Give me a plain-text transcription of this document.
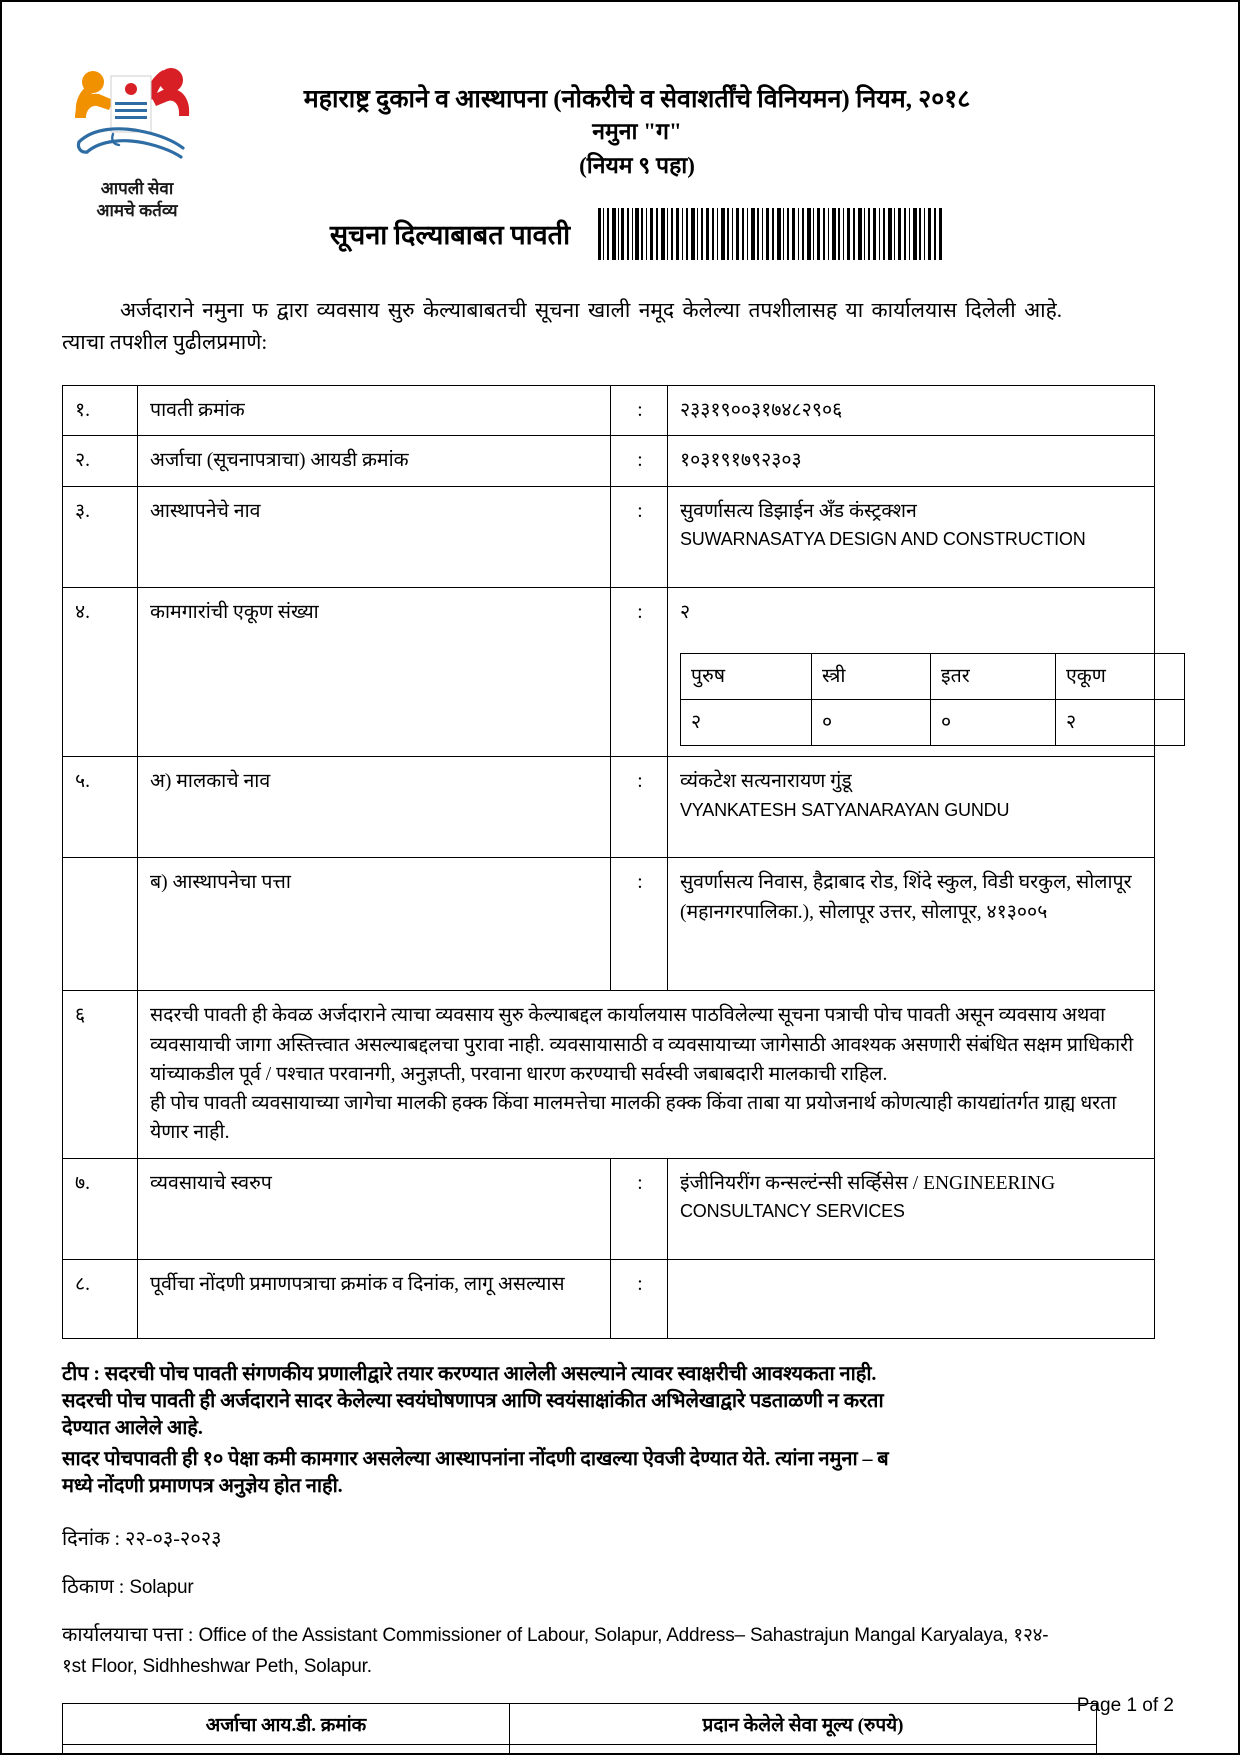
आपली सेवा
आमचे कर्तव्य
महाराष्ट्र दुकाने व आस्थापना (नोकरीचे व सेवाशर्तींचे विनियमन) नियम, २०१८
नमुना "ग"
(नियम ९ पहा)
सूचना दिल्याबाबत पावती
अर्जदाराने नमुना फ द्वारा व्यवसाय सुरु केल्याबाबतची सूचना खाली नमूद केलेल्या तपशीलासह या कार्यालयास दिलेली आहे. त्याचा तपशील पुढीलप्रमाणे:
१.	पावती क्रमांक	:	२३३१९००३१७४८२९०६
२.	अर्जाचा (सूचनापत्राचा) आयडी क्रमांक	:	१०३१९१७९२३०३
३.	आस्थापनेचे नाव	:	सुवर्णासत्य डिझाईन अँड कंस्ट्रक्शन
SUWARNASATYA DESIGN AND CONSTRUCTION

४.	कामगारांची एकूण संख्या	:	२
पुरुष	स्त्री	इतर	एकूण
२	०	०	२

५.	अ) मालकाचे नाव	:	व्यंकटेश सत्यनारायण गुंडू
VYANKATESH SATYANARAYAN GUNDU

	ब) आस्थापनेचा पत्ता	:	सुवर्णासत्य निवास, हैद्राबाद रोड, शिंदे स्कुल, विडी घरकुल, सोलापूर (महानगरपालिका.), सोलापूर उत्तर, सोलापूर, ४१३००५
६	सदरची पावती ही केवळ अर्जदाराने त्याचा व्यवसाय सुरु केल्याबद्दल कार्यालयास पाठविलेल्या सूचना पत्राची पोच पावती असून व्यवसाय अथवा व्यवसायाची जागा अस्तित्त्वात असल्याबद्दलचा पुरावा नाही. व्यवसायासाठी व व्यवसायाच्या जागेसाठी आवश्यक असणारी संबंधित सक्षम प्राधिकारी यांच्याकडील पूर्व / पश्चात परवानगी, अनुज्ञप्ती, परवाना धारण करण्याची सर्वस्वी जबाबदारी मालकाची राहिल.

ही पोच पावती व्यवसायाच्या जागेचा मालकी हक्क किंवा मालमत्तेचा मालकी हक्क किंवा ताबा या प्रयोजनार्थ कोणत्याही कायद्यांतर्गत ग्राह्य धरता येणार नाही.

७.	व्यवसायाचे स्वरुप	:	इंजीनियरींग कन्सल्टंन्सी सर्व्हिसेस / ENGINEERING
CONSULTANCY SERVICES

८.	पूर्वीचा नोंदणी प्रमाणपत्राचा क्रमांक व दिनांक, लागू असल्यास	:	

टीप : सदरची पोच पावती संगणकीय प्रणालीद्वारे तयार करण्यात आलेली असल्याने त्यावर स्वाक्षरीची आवश्यकता नाही.

सदरची पोच पावती ही अर्जदाराने सादर केलेल्या स्वयंघोषणापत्र आणि स्वयंसाक्षांकीत अभिलेखाद्वारे पडताळणी न करता

देण्यात आलेले आहे.

सादर पोचपावती ही १० पेक्षा कमी कामगार असलेल्या आस्थापनांना नोंदणी दाखल्या ऐवजी देण्यात येते. त्यांना नमुना – ब

मध्ये नोंदणी प्रमाणपत्र अनुज्ञेय होत नाही.

दिनांक : २२-०३-२०२३

ठिकाण : Solapur

कार्यालयाचा पत्ता : Office of the Assistant Commissioner of Labour, Solapur, Address– Sahastrajun Mangal Karyalaya, १२४-
१st Floor, Sidhheshwar Peth, Solapur.

अर्जाचा आय.डी. क्रमांक	प्रदान केलेले सेवा मूल्य (रुपये)

Page 1 of 2
